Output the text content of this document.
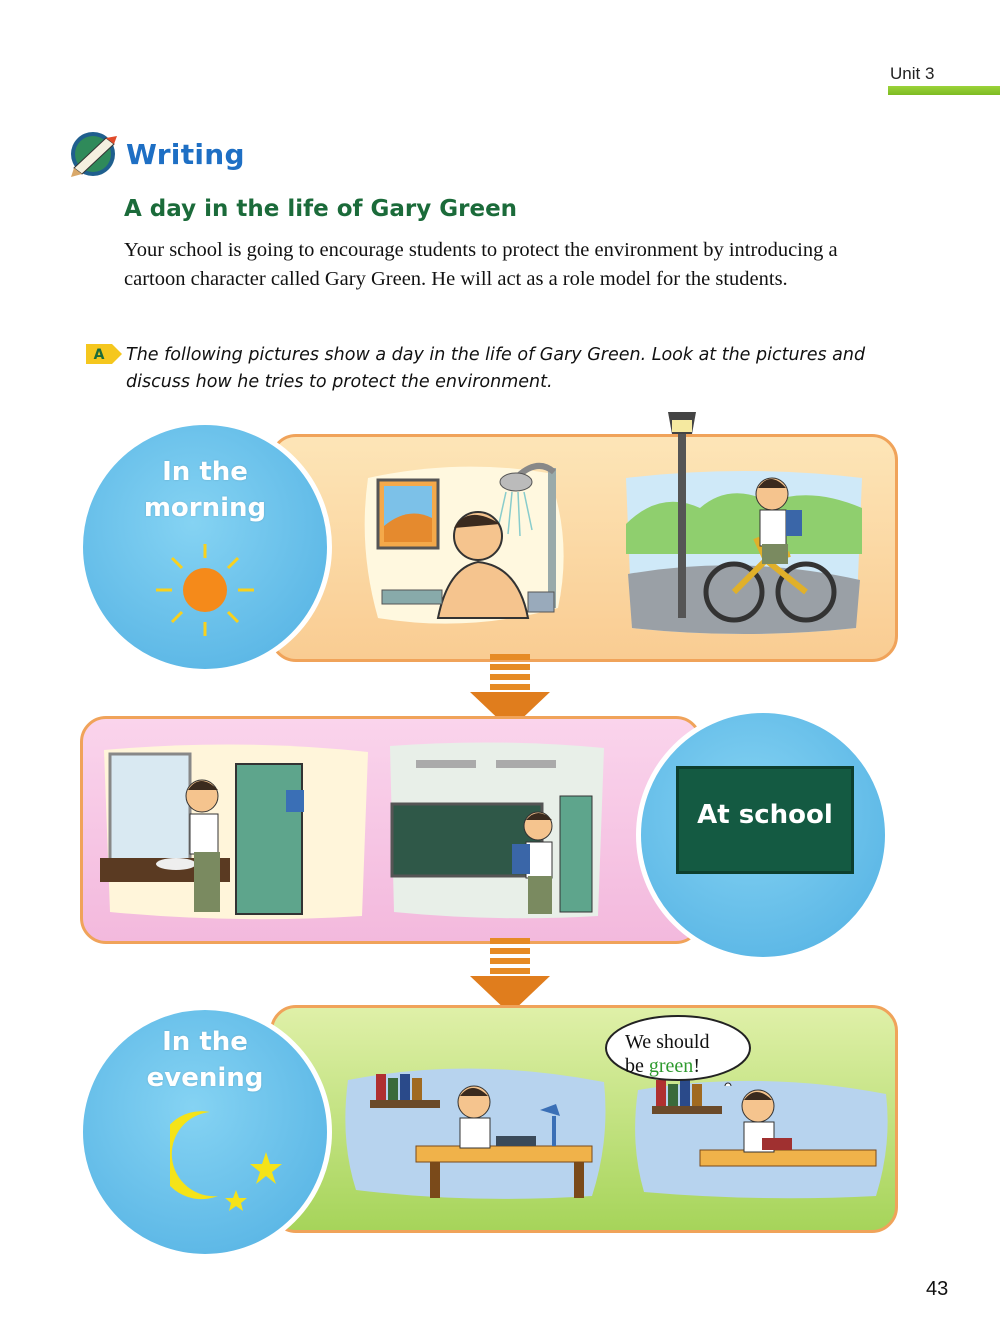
Unit 3
Writing
A day in the life of Gary Green
Your school is going to encourage students to protect the environment by introducing a cartoon character called Gary Green. He will act as a role model for the students.
A The following pictures show a day in the life of Gary Green. Look at the pictures and discuss how he tries to protect the environment.
In the
morning
At school
We should
be green!
In the
evening
43
